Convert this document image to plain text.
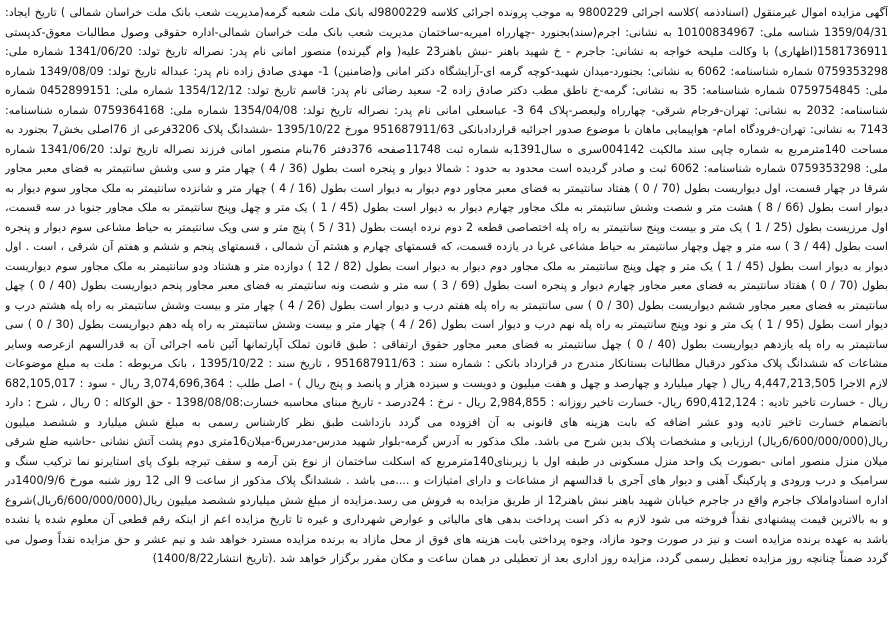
آگهی مزایده اموال غیرمنقول (اسنادذمه )کلاسه اجرائی 9800229 به موجب پرونده اجرائی کلاسه 9800229له بانک ملت شعبه گرمه(مدیریت شعب بانک ملت خراسان شمالی ) تاریخ ایجاد: 1359/04/31 شناسه ملی: 10100834967 به نشانی: اجرم(سند)بجنورد -چهارراه امیریه-ساختمان مدیریت شعب بانک ملت خراسان شمالی-اداره حقوقی وصول مطالبات معوق-کدپستی 1581736911(اظهاری) با وکالت ملیحه خواجه به نشانی: جاجرم - خ شهید باهنر -نبش باهنر23 علیه( وام گیرنده) منصور امانی نام پدر: نصراله تاریخ تولد: 1341/06/20 شماره ملی: 0759353298 شماره شناسنامه: 6062 به نشانی: بجنورد-میدان شهید-کوچه گرمه ای-آرایشگاه دکتر امانی و(ضامنین) 1- مهدی صادق زاده نام پدر: عبداله تاریخ تولد: 1349/08/09 شماره ملی: 0759754845 شماره شناسنامه: 35 به نشانی: گرمه-خ ناطق مطب دکتر صادق زاده 2- سعید رضائی نام پدر: قاسم تاریخ تولد: 1354/12/12 شماره ملی: 0452899151 شماره شناسنامه: 2032 به نشانی: تهران-فرجام شرقی- چهارراه ولیعصر-پلاک 64 3- عباسعلی امانی نام پدر: نصراله تاریخ تولد: 1354/04/08 شماره ملی: 0759364168 شماره شناسنامه: 7143 به نشانی: تهران-فرودگاه امام- هواپیمایی ماهان با موضوع صدور اجرائیه قراردادبانکی 951687911/63 مورخ 1395/10/22 -ششدانگ پلاک 3206فرعی از 76اصلی بخش7 بجنورد به مساحت 140مترمربع به شماره چاپی سند مالکیت 004142سری ه سال1391به شماره ثبت 11748صفحه 376دفتر 76بنام منصور امانی فرزند نصراله تاریخ تولد: 1341/06/20 شماره ملی: 0759353298 شماره شناسنامه: 6062 ثبت و صادر گردیده است محدود به حدود : شمالا دیوار و پنجره است بطول (36 / 4 ) چهار متر و سی وشش سانتیمتر به فضای معبر مجاور شرقا در چهار قسمت، اول دیواریست بطول (70 / 0 ) هفتاد سانتیمتر به فضای معبر مجاور دوم دیوار به دیوار است بطول (16 / 4 ) چهار متر و شانزده سانتیمتر به ملک مجاور سوم دیوار به دیوار است بطول (66 / 8 ) هشت متر و شصت وشش سانتیمتر به ملک مجاور چهارم دیوار به دیوار است بطول (45 / 1 ) یک متر و چهل وپنج سانتیمتر به ملک مجاور جنوبا در سه قسمت، اول مرزیست بطول (25 / 1 ) یک متر و بیست وپنج سانتیمتر به راه پله اختصاصی قطعه 2 دوم نرده ایست بطول (31 / 5 ) پنج متر و سی ویک سانتیمتر به حیاط مشاعی سوم دیوار و پنجره است بطول (44 / 3 ) سه متر و چهل وچهار سانتیمتر به حیاط مشاعی غربا در یازده قسمت، که قسمتهای چهارم و هشتم آن شمالی ، قسمتهای پنجم و ششم و هفتم آن شرقی ، است . اول دیوار به دیوار است بطول (45 / 1 ) یک متر و چهل وپنج سانتیمتر به ملک مجاور دوم دیوار به دیوار است بطول (82 / 12 ) دوازده متر و هشتاد ودو سانتیمتر به ملک مجاور سوم دیواریست بطول (70 / 0 ) هفتاد سانتیمتر به فضای معبر مجاور چهارم دیوار و پنجره است بطول (69 / 3 ) سه متر و شصت ونه سانتیمتر به فضای معبر مجاور پنجم دیواریست بطول (40 / 0 ) چهل سانتیمتر به فضای معبر مجاور ششم دیواریست بطول (30 / 0 ) سی سانتیمتر به راه پله هفتم درب و دیوار است بطول (26 / 4 ) چهار متر و بیست وشش سانتیمتر به راه پله هشتم درب و دیوار است بطول (95 / 1 ) یک متر و نود وپنج سانتیمتر به راه پله نهم درب و دیوار است بطول (26 / 4 ) چهار متر و بیست وشش سانتیمتر به راه پله دهم دیواریست بطول (30 / 0 ) سی سانتیمتر به راه پله یازدهم دیواریست بطول (40 / 0 ) چهل سانتیمتر به فضای معبر مجاور حقوق ارتفاقی : طبق قانون تملک آپارتمانها آئین نامه اجرائی آن به قدرالسهم ازعرصه وسایر مشاعات که ششدانگ پلاک مذکور درقبال مطالبات بستانکار مندرج در قرارداد بانکی : شماره سند : 951687911/63 ، تاریخ سند : 1395/10/22 ، بانک مربوطه : ملت به مبلغ موضوعات لازم الاجرا 4,447,213,505 ریال ( چهار میلیارد و چهارصد و چهل و هفت میلیون و دویست و سیزده هزار و پانصد و پنج ریال ) - اصل طلب : 3,074,696,364 ریال - سود : 682,105,017 ریال - خسارت تاخیر تادیه : 690,412,124 ریال- خسارت تاخیر روزانه : 2,984,855 ریال - نرخ : 24درصد - تاریخ مبنای محاسبه خسارت:1398/08/08 - حق الوکاله : 0 ریال ، شرح : دارد باتضمام خسارت تاخیر تادیه ودو عشر اضافه که بابت هزینه های قانونی به آن افزوده می گردد بازداشت طبق نظر کارشناس رسمی به مبلغ شش میلیارد و ششصد میلیون ریال(6/600/000/000ریال) ارزیابی و مشخصات پلاک بدین شرح می باشد. ملک مذکور به آدرس گرمه-بلوار شهید مدرس-مدرس6-میلان16متری دوم پشت آتش نشانی -حاشیه ضلع شرقی میلان منزل منصور امانی -بصورت یک واحد منزل مسکونی در طبقه اول با زیربنای140مترمربع که اسکلت ساختمان از نوع بتن آرمه و سقف تیرچه بلوک پای استایرنو نما ترکیب سنگ و سرامیک و درب ورودی و پارکینگ آهنی و دیوار های آجری با قدالسهم از مشاعات و دارای امتیازات و ....می باشد . ششدانگ پلاک مذکور از ساعت 9 الی 12 روز شنبه مورخ 1400/9/6در اداره اسنادواملاک جاجرم واقع در جاجرم خیابان شهید باهنر نبش باهنر12 از طریق مزایده به فروش می رسد.مزایده از مبلغ شش میلیاردو ششصد میلیون ریال(6/600/000/000ریال)شروع و به بالاترین قیمت پیشنهادی نقداً فروخته می شود لازم به ذکر است پرداخت بدهی های مالیاتی و عوارض شهرداری و غیره تا تاریخ مزایده اعم از اینکه رقم قطعی آن معلوم شده یا نشده باشد به عهده برنده مزایده است و نیز در صورت وجود مازاد، وجوه پرداختی بابت هزینه های فوق از محل مازاد به برنده مزایده مسترد خواهد شد و نیم عشر و حق مزایده نقداً وصول می گردد ضمناً چنانچه روز مزایده تعطیل رسمی گردد، مزایده روز اداری بعد از تعطیلی در همان ساعت و مکان مقرر برگزار خواهد شد .(تاریخ انتشار1400/8/22)
